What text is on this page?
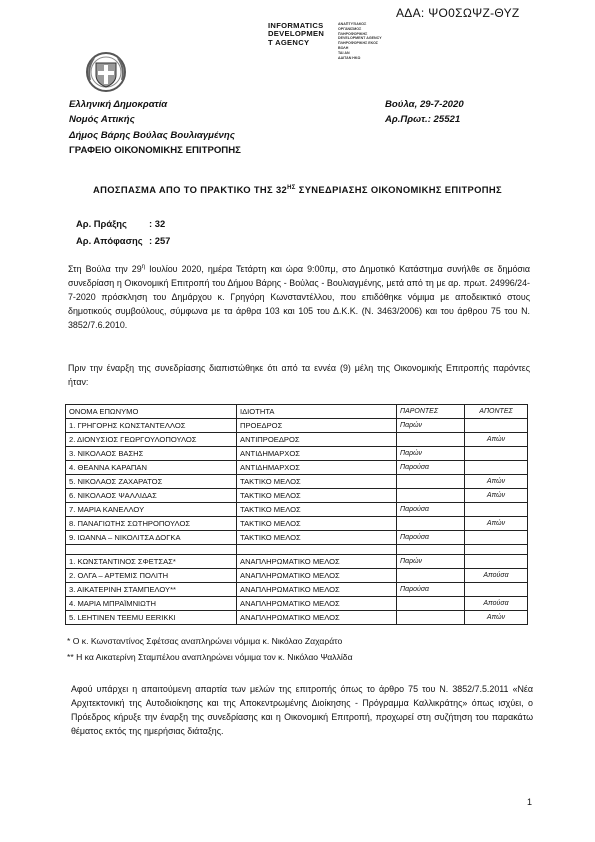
ΑΔΑ: ΨΟ0ΣΩΨΖ-ΘΥΖ
INFORMATICS
DEVELOPMEN
T AGENCY
ΑΝΑΠΤΥΞΙΑΚΟΣ
ΟΡΓΑΝΙΣΜΟΣ
ΠΛΗΡΟΦΟΡΙΚΗΣ
DEVELOPMENT AGENCY
ΠΛΗΡΟΦΟΡΙΚΗΣ ΕΚΟΣ
ΒΟΛΗ
ΤΑΙ ΑΝ
ΔΑΙΤΑΝ ΗΚΩ
Ελληνική Δημοκρατία
Νομός Αττικής
Δήμος Βάρης Βούλας Βουλιαγμένης
ΓΡΑΦΕΙΟ ΟΙΚΟΝΟΜΙΚΗΣ ΕΠΙΤΡΟΠΗΣ
Βούλα, 29-7-2020
Αρ.Πρωτ.: 25521
ΑΠΟΣΠΑΣΜΑ ΑΠΟ ΤΟ ΠΡΑΚΤΙΚΟ ΤΗΣ $32^{H\Sigma}$ ΣΥΝΕΔΡΙΑΣΗΣ ΟΙΚΟΝΟΜΙΚΗΣ ΕΠΙΤΡΟΠΗΣ
Αρ. Πράξης : 32
Αρ. Απόφασης : 257
Στη Βούλα την $29^\eta$ Ιουλίου 2020, ημέρα Τετάρτη και ώρα 9:00πμ, στο Δημοτικό Κατάστημα συνήλθε σε δημόσια συνεδρίαση η Οικονομική Επιτροπή του Δήμου Βάρης - Βούλας - Βουλιαγμένης, μετά από τη με αρ. πρωτ. 24996/24-7-2020 πρόσκληση του Δημάρχου κ. Γρηγόρη Κωνσταντέλλου, που επιδόθηκε νόμιμα με αποδεικτικό στους δημοτικούς συμβούλους, σύμφωνα με τα άρθρα 103 και 105 του Δ.Κ.Κ. (Ν. 3463/2006) και του άρθρου 75 του Ν. 3852/7.6.2010.
Πριν την έναρξη της συνεδρίασης διαπιστώθηκε ότι από τα εννέα (9) μέλη της Οικονομικής Επιτροπής παρόντες ήταν:
ΟΝΟΜΑ ΕΠΩΝΥΜΟ	ΙΔΙΟΤΗΤΑ	ΠΑΡΟΝΤΕΣ	ΑΠΟΝΤΕΣ
1. ΓΡΗΓΟΡΗΣ ΚΩΝΣΤΑΝΤΕΛΛΟΣ	ΠΡΟΕΔΡΟΣ	Παρών	
2. ΔΙΟΝΥΣΙΟΣ ΓΕΩΡΓΟΥΛΟΠΟΥΛΟΣ	ΑΝΤΙΠΡΟΕΔΡΟΣ		Απών
3. ΝΙΚΟΛΑΟΣ ΒΑΣΗΣ	ΑΝΤΙΔΗΜΑΡΧΟΣ	Παρών	
4. ΘΕΑΝΝΑ ΚΑΡΑΠΑΝ	ΑΝΤΙΔΗΜΑΡΧΟΣ	Παρούσα	
5. ΝΙΚΟΛΑΟΣ ΖΑΧΑΡΑΤΟΣ	ΤΑΚΤΙΚΟ ΜΕΛΟΣ		Απών
6. ΝΙΚΟΛΑΟΣ ΨΑΛΛΙΔΑΣ	ΤΑΚΤΙΚΟ ΜΕΛΟΣ		Απών
7. ΜΑΡΙΑ ΚΑΝΕΛΛΟΥ	ΤΑΚΤΙΚΟ ΜΕΛΟΣ	Παρούσα	
8. ΠΑΝΑΓΙΩΤΗΣ ΣΩΤΗΡΟΠΟΥΛΟΣ	ΤΑΚΤΙΚΟ ΜΕΛΟΣ		Απών
9. ΙΩΑΝΝΑ – ΝΙΚΟΛΙΤΣΑ ΔΟΓΚΑ	ΤΑΚΤΙΚΟ ΜΕΛΟΣ	Παρούσα	

1. ΚΩΝΣΤΑΝΤΙΝΟΣ ΣΦΕΤΣΑΣ*	ΑΝΑΠΛΗΡΩΜΑΤΙΚΟ ΜΕΛΟΣ	Παρών	
2. ΟΛΓΑ – ΑΡΤΕΜΙΣ ΠΟΛΙΤΗ	ΑΝΑΠΛΗΡΩΜΑΤΙΚΟ ΜΕΛΟΣ		Απούσα
3. ΑΙΚΑΤΕΡΙΝΗ ΣΤΑΜΠΕΛΟΥ**	ΑΝΑΠΛΗΡΩΜΑΤΙΚΟ ΜΕΛΟΣ	Παρούσα	
4. ΜΑΡΙΑ ΜΠΡΑΪΜΝΙΩΤΗ	ΑΝΑΠΛΗΡΩΜΑΤΙΚΟ ΜΕΛΟΣ		Απούσα
5. LEHTINEN TEEMU EERIKKI	ΑΝΑΠΛΗΡΩΜΑΤΙΚΟ ΜΕΛΟΣ		Απών
* Ο κ. Κωνσταντίνος Σφέτσας αναπληρώνει νόμιμα κ. Νικόλαο Ζαχαράτο
** Η κα Αικατερίνη Σταμπέλου αναπληρώνει νόμιμα τον κ. Νικόλαο Ψαλλίδα
Αφού υπάρχει η απαιτούμενη απαρτία των μελών της επιτροπής όπως το άρθρο 75 του Ν. 3852/7.5.2011 «Νέα Αρχιτεκτονική της Αυτοδιοίκησης και της Αποκεντρωμένης Διοίκησης - Πρόγραμμα Καλλικράτης» όπως ισχύει, ο Πρόεδρος κήρυξε την έναρξη της συνεδρίασης και η Οικονομική Επιτροπή, προχωρεί στη συζήτηση του παρακάτω θέματος εκτός της ημερήσιας διάταξης.
1
